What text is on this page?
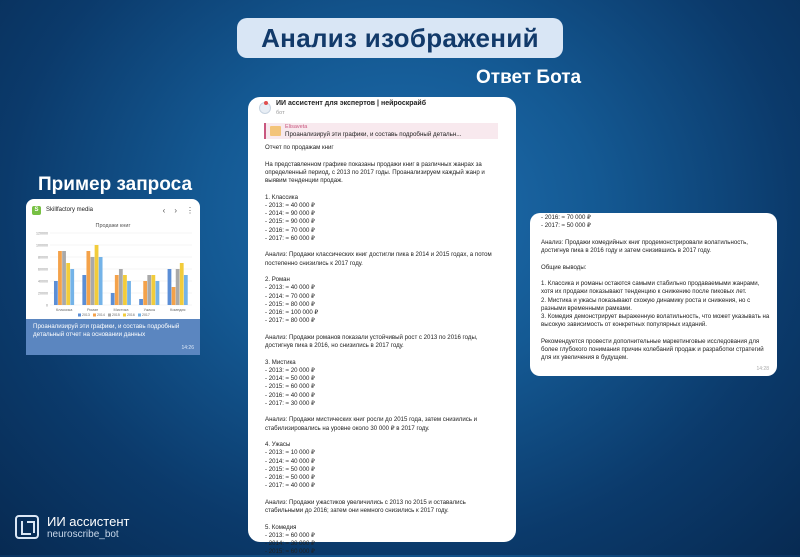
Анализ изображений
Ответ Бота
Пример запроса
S	Skillfactory media	‹ › ⋮
Продажи книг
120000
100000
80000
60000
40000
20000
0
Классика	Роман	Мистика	Ужасы	Комедия
2013 2014 2015 2016 2017
Проанализируй эти графики, и составь подробный детальный отчет на основании данных
14:26
ИИ ассистент для экспертов | нейроскрайб
бот
Elisaveta
Проанализируй эти графики, и составь подробный детальн...

Отчет по продажам книг

На представленном графике показаны продажи книг в различных жанрах за определенный период, с 2013 по 2017 годы. Проанализируем каждый жанр и выявим тенденции продаж.

1. Классика

- 2013: ≈ 40 000 ₽

- 2014: ≈ 90 000 ₽

- 2015: ≈ 90 000 ₽

- 2016: ≈ 70 000 ₽

- 2017: ≈ 60 000 ₽

Анализ: Продажи классических книг достигли пика в 2014 и 2015 годах, а потом постепенно снизились к 2017 году.

2. Роман

- 2013: ≈ 40 000 ₽

- 2014: ≈ 70 000 ₽

- 2015: ≈ 80 000 ₽

- 2016: ≈ 100 000 ₽

- 2017: ≈ 80 000 ₽

Анализ: Продажи романов показали устойчивый рост с 2013 по 2016 годы, достигнув пика в 2016, но снизились в 2017 году.

3. Мистика

- 2013: ≈ 20 000 ₽

- 2014: ≈ 50 000 ₽

- 2015: ≈ 60 000 ₽

- 2016: ≈ 40 000 ₽

- 2017: ≈ 30 000 ₽

Анализ: Продажи мистических книг росли до 2015 года, затем снизились и стабилизировались на уровне около 30 000 ₽ в 2017 году.

4. Ужасы

- 2013: ≈ 10 000 ₽

- 2014: ≈ 40 000 ₽

- 2015: ≈ 50 000 ₽

- 2016: ≈ 50 000 ₽

- 2017: ≈ 40 000 ₽

Анализ: Продажи ужастиков увеличились с 2013 по 2015 и оставались стабильными до 2016; затем они немного снизились к 2017 году.

5. Комедия

- 2013: ≈ 60 000 ₽

- 2014: ≈ 30 000 ₽

- 2015: ≈ 60 000 ₽

- 2016: ≈ 70 000 ₽

- 2017: ≈ 50 000 ₽

Анализ: Продажи комедийных книг продемонстрировали волатильность, достигнув пика в 2016 году и затем снизившись в 2017 году.

Общие выводы:

1. Классика и романы остаются самыми стабильно продаваемыми жанрами, хотя их продажи показывают тенденцию к снижению после пиковых лет.

2. Мистика и ужасы показывают схожую динамику роста и снижения, но с разными временными рамками.

3. Комедия демонстрирует выраженную волатильность, что может указывать на высокую зависимость от конкретных популярных изданий.

Рекомендуется провести дополнительные маркетинговые исследования для более глубокого понимания причин колебаний продаж и разработки стратегий для их увеличения в будущем.

14:28
ИИ ассистент
neuroscribe_bot
